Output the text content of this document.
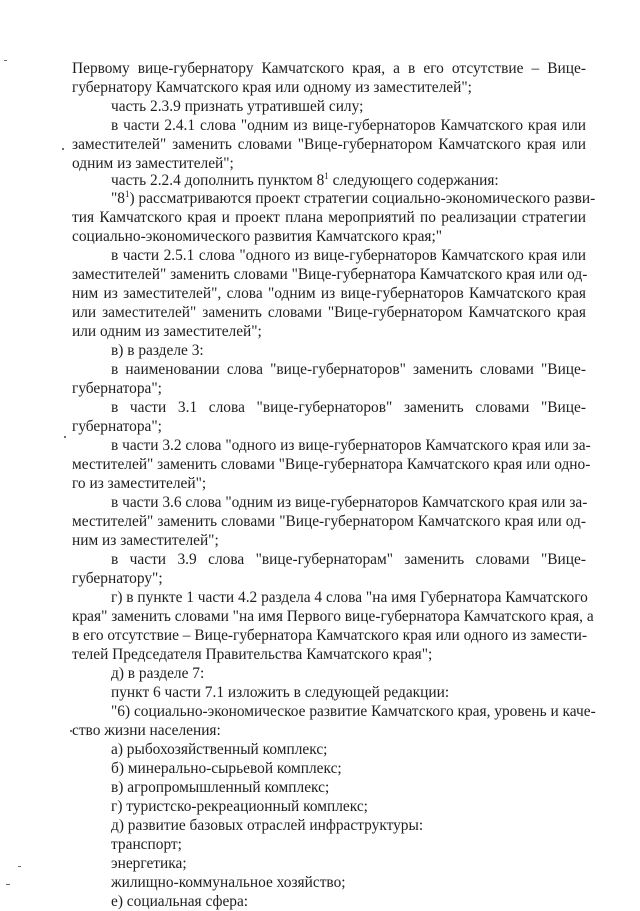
Первому вице-губернатору Камчатского края, а в его отсутствие – Вице-
губернатору Камчатского края или одному из заместителей";
часть 2.3.9 признать утратившей силу;
в части 2.4.1 слова "одним из вице-губернаторов Камчатского края или
заместителей" заменить словами "Вице-губернатором Камчатского края или
одним из заместителей";
часть 2.2.4 дополнить пунктом $8^1$ следующего содержания:
"$8^1$) рассматриваются проект стратегии социально-экономического разви-
тия Камчатского края и проект плана мероприятий по реализации стратегии
социально-экономического развития Камчатского края;"
в части 2.5.1 слова "одного из вице-губернаторов Камчатского края или
заместителей" заменить словами "Вице-губернатора Камчатского края или од-
ним из заместителей", слова "одним из вице-губернаторов Камчатского края
или заместителей" заменить словами "Вице-губернатором Камчатского края
или одним из заместителей";
в) в разделе 3:
в наименовании слова "вице-губернаторов" заменить словами "Вице-
губернатора";
в части 3.1 слова "вице-губернаторов" заменить словами "Вице-
губернатора";
в части 3.2 слова "одного из вице-губернаторов Камчатского края или за-
местителей" заменить словами "Вице-губернатора Камчатского края или одно-
го из заместителей";
в части 3.6 слова "одним из вице-губернаторов Камчатского края или за-
местителей" заменить словами "Вице-губернатором Камчатского края или од-
ним из заместителей";
в части 3.9 слова "вице-губернаторам" заменить словами "Вице-
губернатору";
г) в пункте 1 части 4.2 раздела 4 слова "на имя Губернатора Камчатского
края" заменить словами "на имя Первого вице-губернатора Камчатского края, а
в его отсутствие – Вице-губернатора Камчатского края или одного из замести-
телей Председателя Правительства Камчатского края";
д) в разделе 7:
пункт 6 части 7.1 изложить в следующей редакции:
"6) социально-экономическое развитие Камчатского края, уровень и каче-
ство жизни населения:
а) рыбохозяйственный комплекс;
б) минерально-сырьевой комплекс;
в) агропромышленный комплекс;
г) туристско-рекреационный комплекс;
д) развитие базовых отраслей инфраструктуры:
транспорт;
энергетика;
жилищно-коммунальное хозяйство;
е) социальная сфера:
